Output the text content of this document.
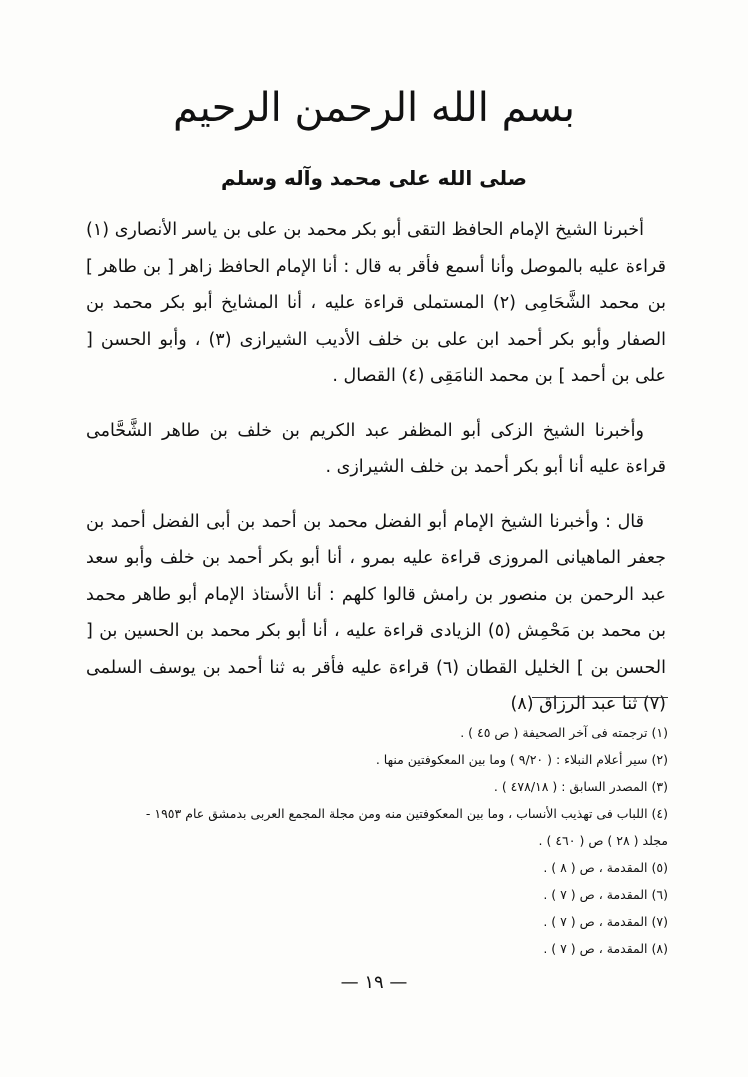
بسم الله الرحمن الرحيم
صلى الله على محمد وآله وسلم

أخبرنا الشيخ الإمام الحافظ التقى أبو بكر محمد بن على بن ياسر الأنصارى (١) قراءة عليه بالموصل وأنا أسمع فأقر به قال : أنا الإمام الحافظ زاهر [ بن طاهر ] بن محمد الشَّحَامِى (٢) المستملى قراءة عليه ، أنا المشايخ أبو بكر محمد بن الصفار وأبو بكر أحمد ابن على بن خلف الأديب الشيرازى (٣) ، وأبو الحسن [ على بن أحمد ] بن محمد النامَقِى (٤) القصال .

وأخبرنا الشيخ الزكى أبو المظفر عبد الكريم بن خلف بن طاهر الشَّحَّامى قراءة عليه أنا أبو بكر أحمد بن خلف الشيرازى .

قال : وأخبرنا الشيخ الإمام أبو الفضل محمد بن أحمد بن أبى الفضل أحمد بن جعفر الماهيانى المروزى قراءة عليه بمرو ، أنا أبو بكر أحمد بن خلف وأبو سعد عبد الرحمن بن منصور بن رامش قالوا كلهم : أنا الأستاذ الإمام أبو طاهر محمد بن محمد بن مَحْمِش (٥) الزيادى قراءة عليه ، أنا أبو بكر محمد بن الحسين بن [ الحسن بن ] الخليل القطان (٦) قراءة عليه فأقر به ثنا أحمد بن يوسف السلمى (٧) ثنا عبد الرزاق (٨)

(١) ترجمته فى آخر الصحيفة ( ص ٤٥ ) .
(٢) سير أعلام النبلاء : ( ٩/٢٠ ) وما بين المعكوفتين منها .
(٣) المصدر السابق : ( ٤٧٨/١٨ ) .
(٤) اللباب فى تهذيب الأنساب ، وما بين المعكوفتين منه ومن مجلة المجمع العربى بدمشق عام ١٩٥٣ -
مجلد ( ٢٨ ) ص ( ٤٦٠ ) .
(٥) المقدمة ، ص ( ٨ ) .
(٦) المقدمة ، ص ( ٧ ) .
(٧) المقدمة ، ص ( ٧ ) .
(٨) المقدمة ، ص ( ٧ ) .
— ١٩ —
